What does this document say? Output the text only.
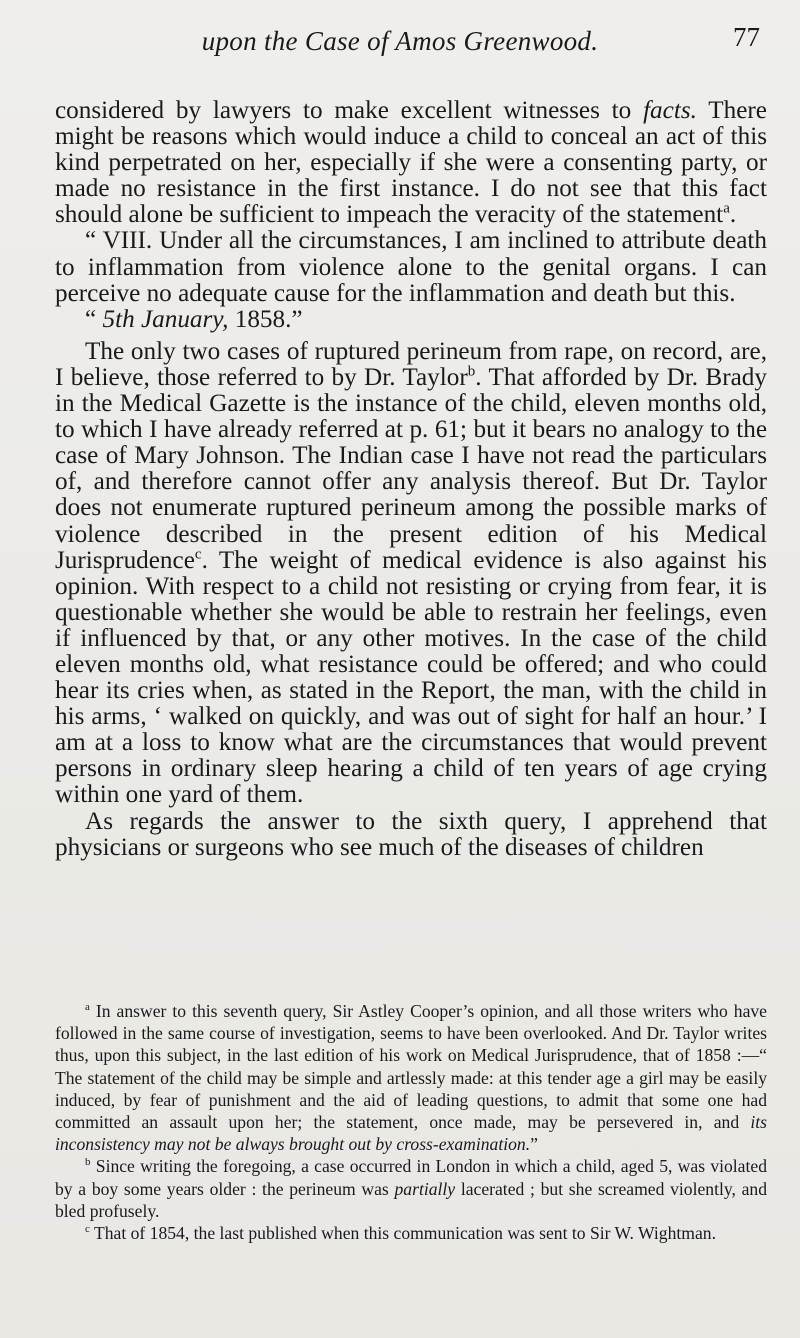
upon the Case of Amos Greenwood.	77

considered by lawyers to make excellent witnesses to facts. There might be reasons which would induce a child to conceal an act of this kind perpetrated on her, especially if she were a consenting party, or made no resistance in the first instance. I do not see that this fact should alone be sufficient to impeach the veracity of the statement$^a$.

“ VIII. Under all the circumstances, I am inclined to attribute death to inflammation from violence alone to the genital organs. I can perceive no adequate cause for the inflammation and death but this.

“ 5th January, 1858.”

The only two cases of ruptured perineum from rape, on record, are, I believe, those referred to by Dr. Taylor$^b$. That afforded by Dr. Brady in the Medical Gazette is the instance of the child, eleven months old, to which I have already referred at p. 61; but it bears no analogy to the case of Mary Johnson. The Indian case I have not read the particulars of, and therefore cannot offer any analysis thereof. But Dr. Taylor does not enumerate ruptured perineum among the possible marks of violence described in the present edition of his Medical Jurisprudence$^c$. The weight of medical evidence is also against his opinion. With respect to a child not resisting or crying from fear, it is questionable whether she would be able to restrain her feelings, even if influenced by that, or any other motives. In the case of the child eleven months old, what resistance could be offered; and who could hear its cries when, as stated in the Report, the man, with the child in his arms, ‘ walked on quickly, and was out of sight for half an hour.’ I am at a loss to know what are the circumstances that would prevent persons in ordinary sleep hearing a child of ten years of age crying within one yard of them.

As regards the answer to the sixth query, I apprehend that physicians or surgeons who see much of the diseases of children

$^a$ In answer to this seventh query, Sir Astley Cooper’s opinion, and all those writers who have followed in the same course of investigation, seems to have been overlooked. And Dr. Taylor writes thus, upon this subject, in the last edition of his work on Medical Jurisprudence, that of 1858 :—“ The statement of the child may be simple and artlessly made: at this tender age a girl may be easily induced, by fear of punishment and the aid of leading questions, to admit that some one had committed an assault upon her; the statement, once made, may be persevered in, and its inconsistency may not be always brought out by cross-examination.”

$^b$ Since writing the foregoing, a case occurred in London in which a child, aged 5, was violated by a boy some years older : the perineum was partially lacerated ; but she screamed violently, and bled profusely.

$^c$ That of 1854, the last published when this communication was sent to Sir W. Wightman.
